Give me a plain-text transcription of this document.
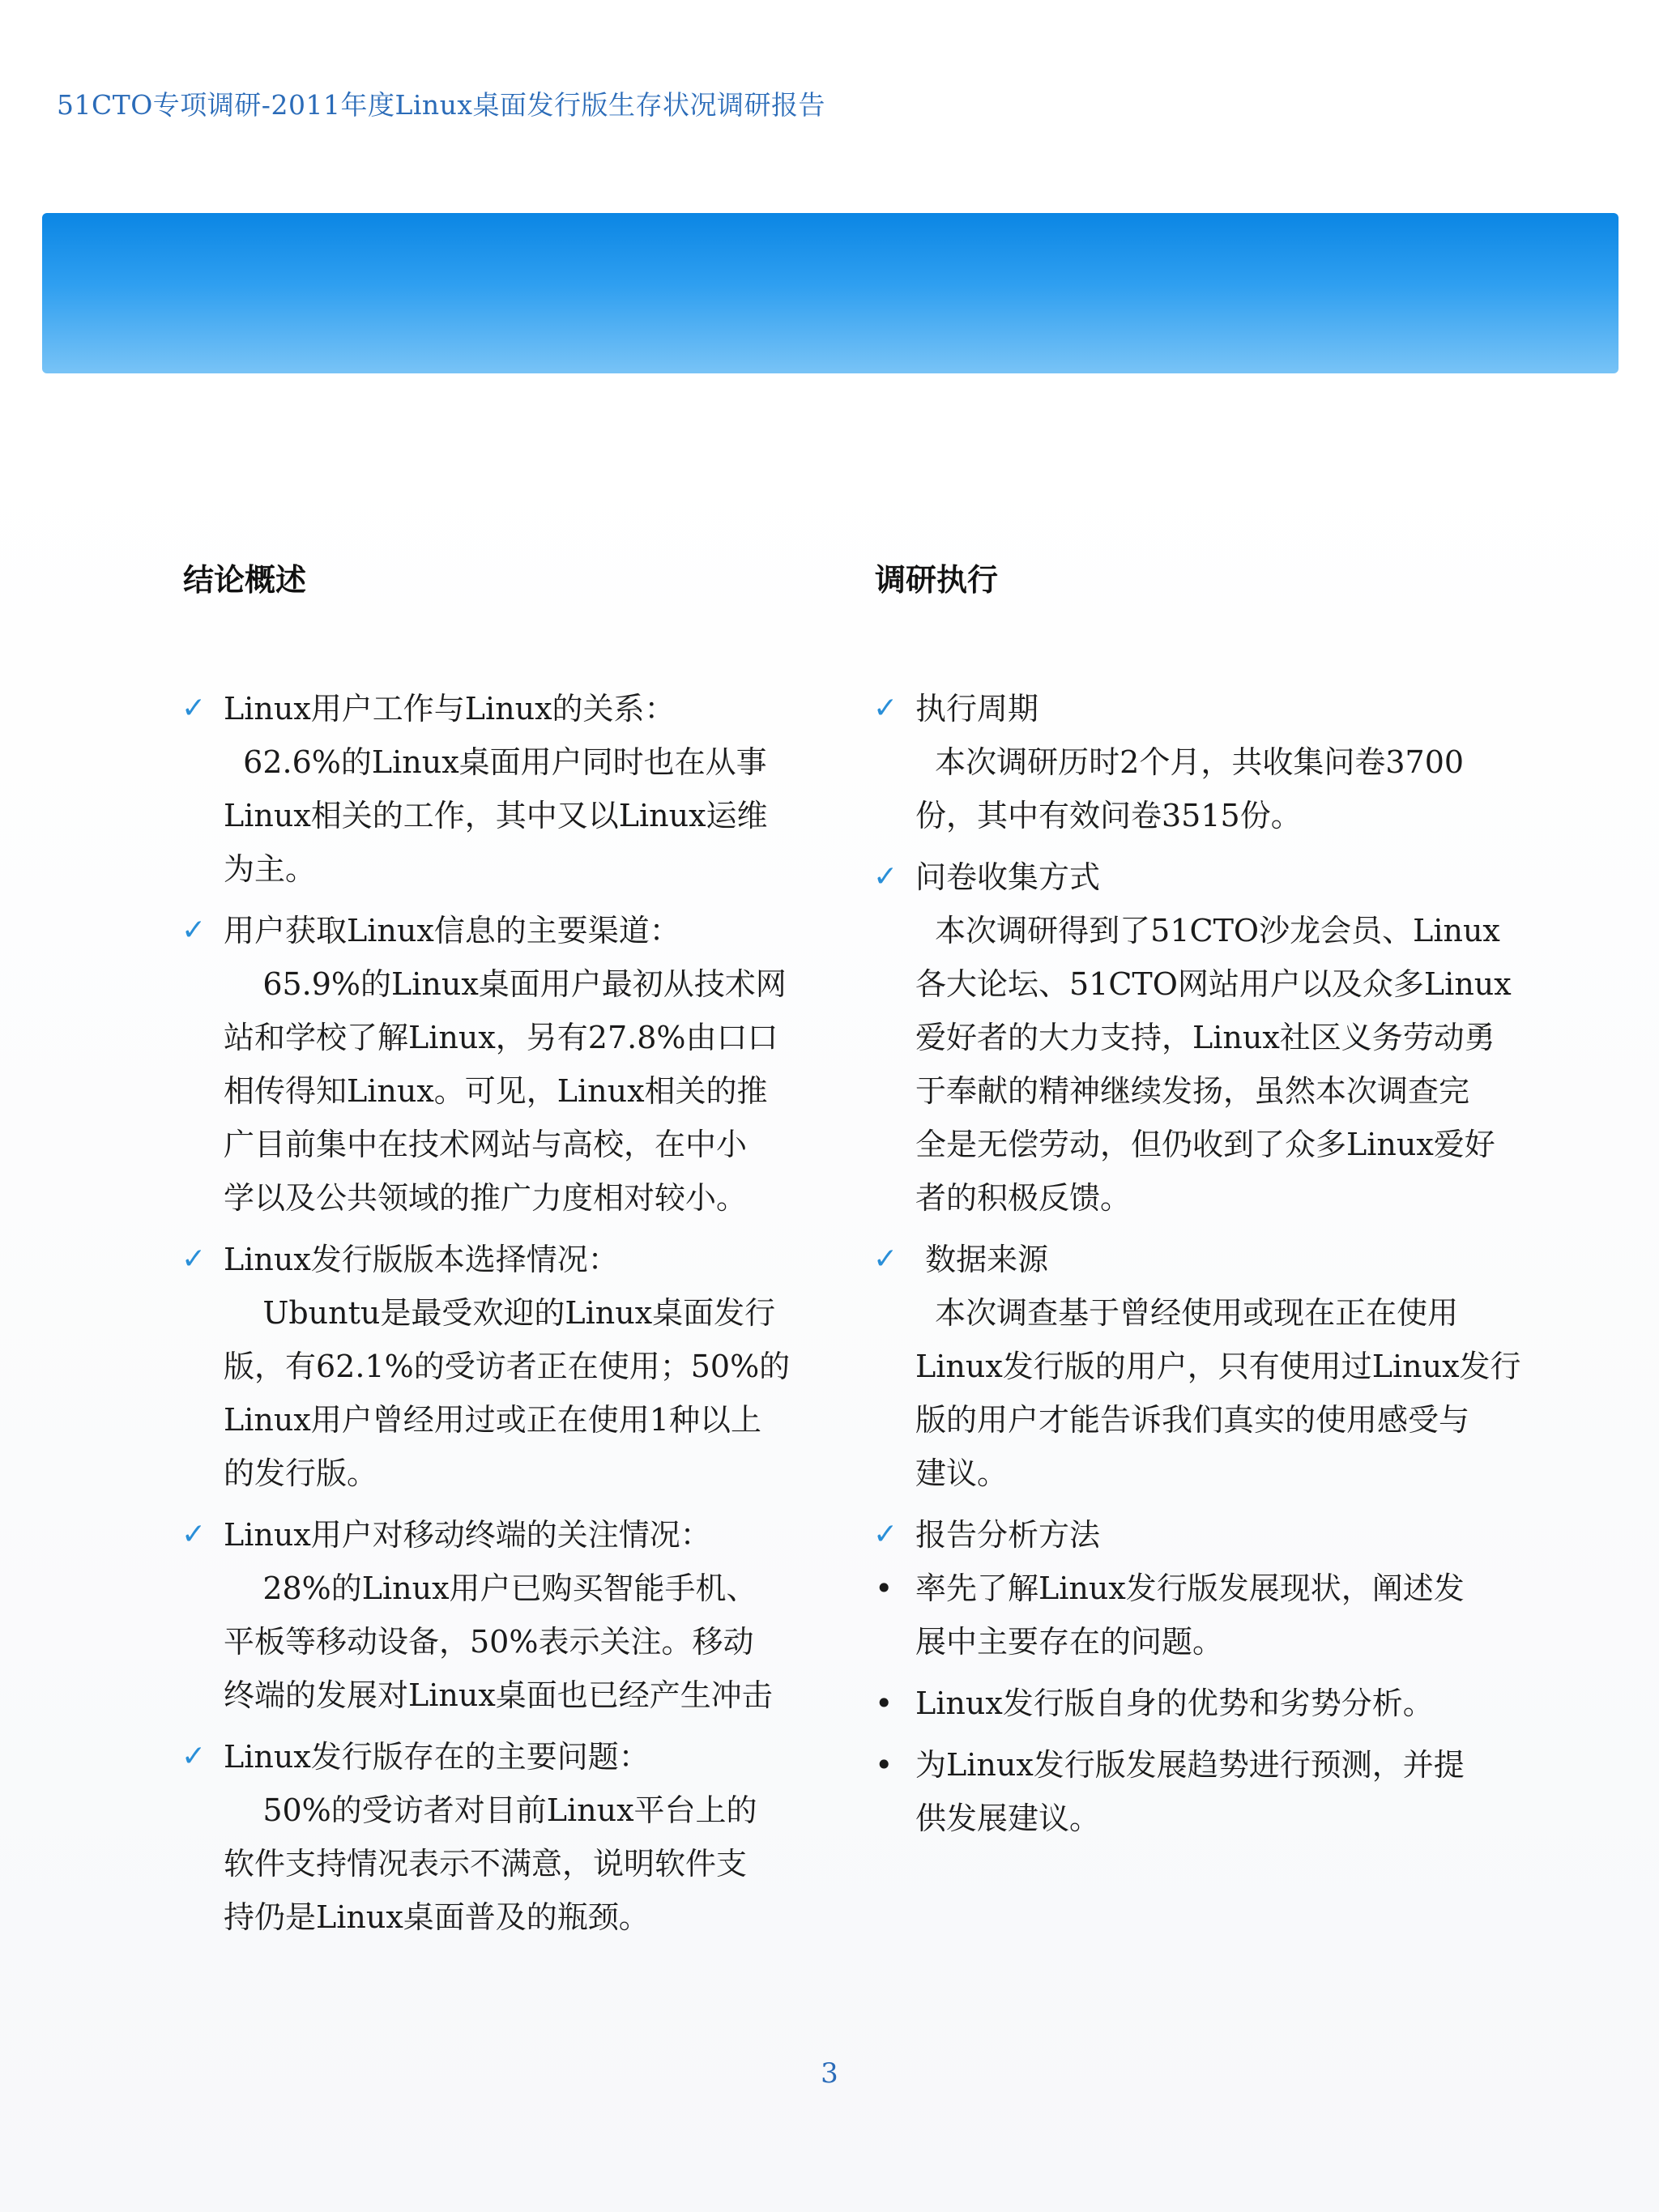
51CTO专项调研-2011年度Linux桌面发行版生存状况调研报告
结论概述
✓ Linux用户工作与Linux的关系：
62.6%的Linux桌面用户同时也在从事
Linux相关的工作，其中又以Linux运维
为主。
✓ 用户获取Linux信息的主要渠道：
65.9%的Linux桌面用户最初从技术网
站和学校了解Linux，另有27.8%由口口
相传得知Linux。可见，Linux相关的推
广目前集中在技术网站与高校，在中小
学以及公共领域的推广力度相对较小。
✓ Linux发行版版本选择情况：
Ubuntu是最受欢迎的Linux桌面发行
版，有62.1%的受访者正在使用；50%的
Linux用户曾经用过或正在使用1种以上
的发行版。
✓ Linux用户对移动终端的关注情况：
28%的Linux用户已购买智能手机、
平板等移动设备，50%表示关注。移动
终端的发展对Linux桌面也已经产生冲击
✓ Linux发行版存在的主要问题：
50%的受访者对目前Linux平台上的
软件支持情况表示不满意，说明软件支
持仍是Linux桌面普及的瓶颈。
调研执行
✓ 执行周期
本次调研历时2个月，共收集问卷3700
份，其中有效问卷3515份。
✓ 问卷收集方式
本次调研得到了51CTO沙龙会员、Linux
各大论坛、51CTO网站用户以及众多Linux
爱好者的大力支持，Linux社区义务劳动勇
于奉献的精神继续发扬，虽然本次调查完
全是无偿劳动，但仍收到了众多Linux爱好
者的积极反馈。
✓ 数据来源
本次调查基于曾经使用或现在正在使用
Linux发行版的用户，只有使用过Linux发行
版的用户才能告诉我们真实的使用感受与
建议。
✓ 报告分析方法
• 率先了解Linux发行版发展现状，阐述发
展中主要存在的问题。
• Linux发行版自身的优势和劣势分析。
• 为Linux发行版发展趋势进行预测，并提
供发展建议。
3
